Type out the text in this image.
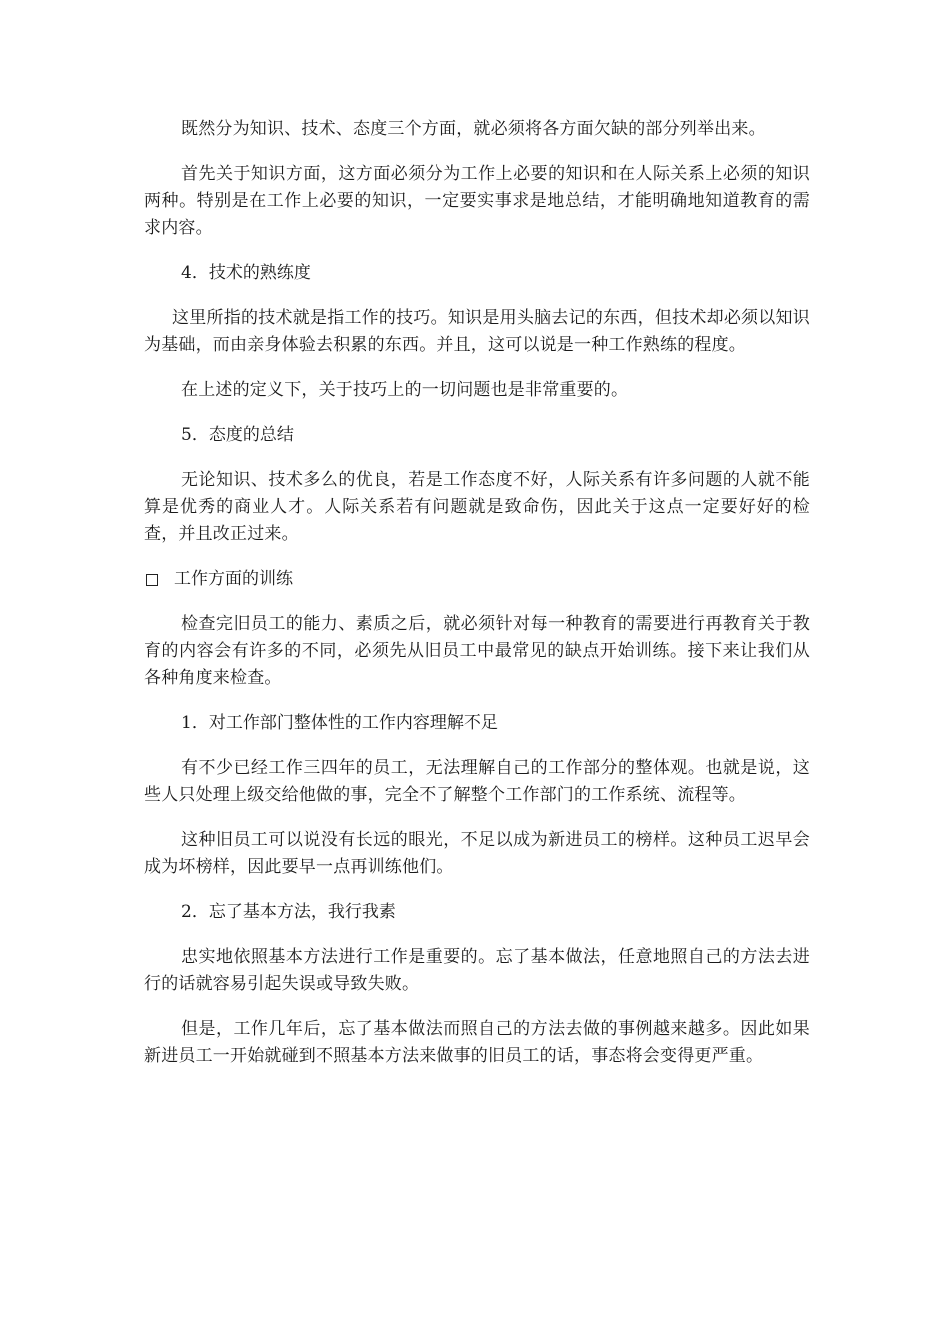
既然分为知识、技术、态度三个方面，就必须将各方面欠缺的部分列举出来。

首先关于知识方面，这方面必须分为工作上必要的知识和在人际关系上必须的知识两种。特别是在工作上必要的知识，一定要实事求是地总结，才能明确地知道教育的需求内容。

4．技术的熟练度

这里所指的技术就是指工作的技巧。知识是用头脑去记的东西，但技术却必须以知识为基础，而由亲身体验去积累的东西。并且，这可以说是一种工作熟练的程度。

在上述的定义下，关于技巧上的一切问题也是非常重要的。

5．态度的总结

无论知识、技术多么的优良，若是工作态度不好，人际关系有许多问题的人就不能算是优秀的商业人才。人际关系若有问题就是致命伤，因此关于这点一定要好好的检查，并且改正过来。

工作方面的训练

检查完旧员工的能力、素质之后，就必须针对每一种教育的需要进行再教育关于教育的内容会有许多的不同，必须先从旧员工中最常见的缺点开始训练。接下来让我们从各种角度来检查。

1．对工作部门整体性的工作内容理解不足

有不少已经工作三四年的员工，无法理解自己的工作部分的整体观。也就是说，这些人只处理上级交给他做的事，完全不了解整个工作部门的工作系统、流程等。

这种旧员工可以说没有长远的眼光，不足以成为新进员工的榜样。这种员工迟早会成为坏榜样，因此要早一点再训练他们。

2．忘了基本方法，我行我素

忠实地依照基本方法进行工作是重要的。忘了基本做法，任意地照自己的方法去进行的话就容易引起失误或导致失败。

但是，工作几年后，忘了基本做法而照自己的方法去做的事例越来越多。因此如果新进员工一开始就碰到不照基本方法来做事的旧员工的话，事态将会变得更严重。
